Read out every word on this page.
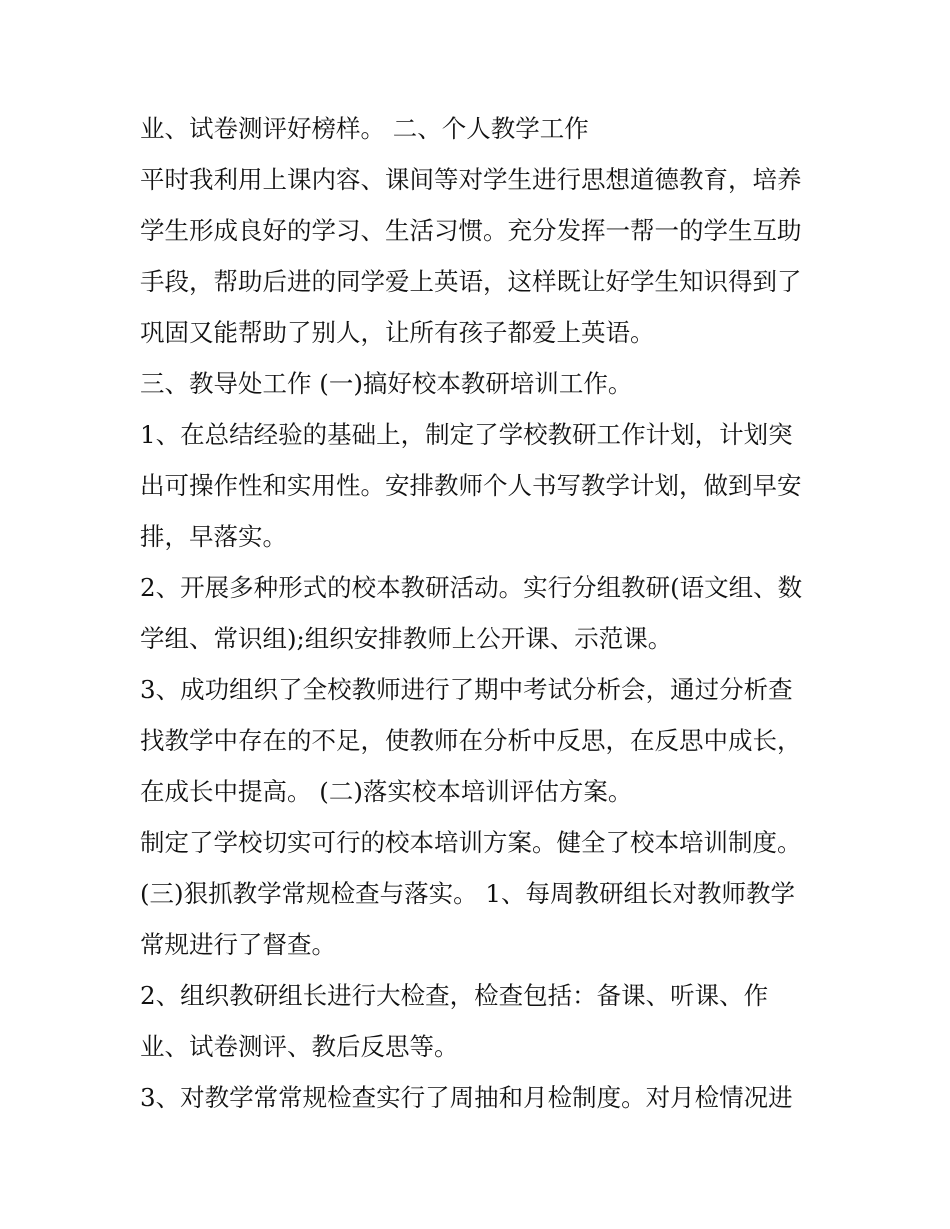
业、试卷测评好榜样。 二、个人教学工作
平时我利用上课内容、课间等对学生进行思想道德教育，培养
学生形成良好的学习、生活习惯。充分发挥一帮一的学生互助
手段，帮助后进的同学爱上英语，这样既让好学生知识得到了
巩固又能帮助了别人，让所有孩子都爱上英语。
三、教导处工作 (一)搞好校本教研培训工作。
1、在总结经验的基础上，制定了学校教研工作计划，计划突
出可操作性和实用性。安排教师个人书写教学计划，做到早安
排，早落实。
2、开展多种形式的校本教研活动。实行分组教研(语文组、数
学组、常识组);组织安排教师上公开课、示范课。
3、成功组织了全校教师进行了期中考试分析会，通过分析查
找教学中存在的不足，使教师在分析中反思，在反思中成长，
在成长中提高。 (二)落实校本培训评估方案。
制定了学校切实可行的校本培训方案。健全了校本培训制度。
(三)狠抓教学常规检查与落实。 1、每周教研组长对教师教学
常规进行了督查。
2、组织教研组长进行大检查，检查包括：备课、听课、作
业、试卷测评、教后反思等。
3、对教学常常规检查实行了周抽和月检制度。对月检情况进
